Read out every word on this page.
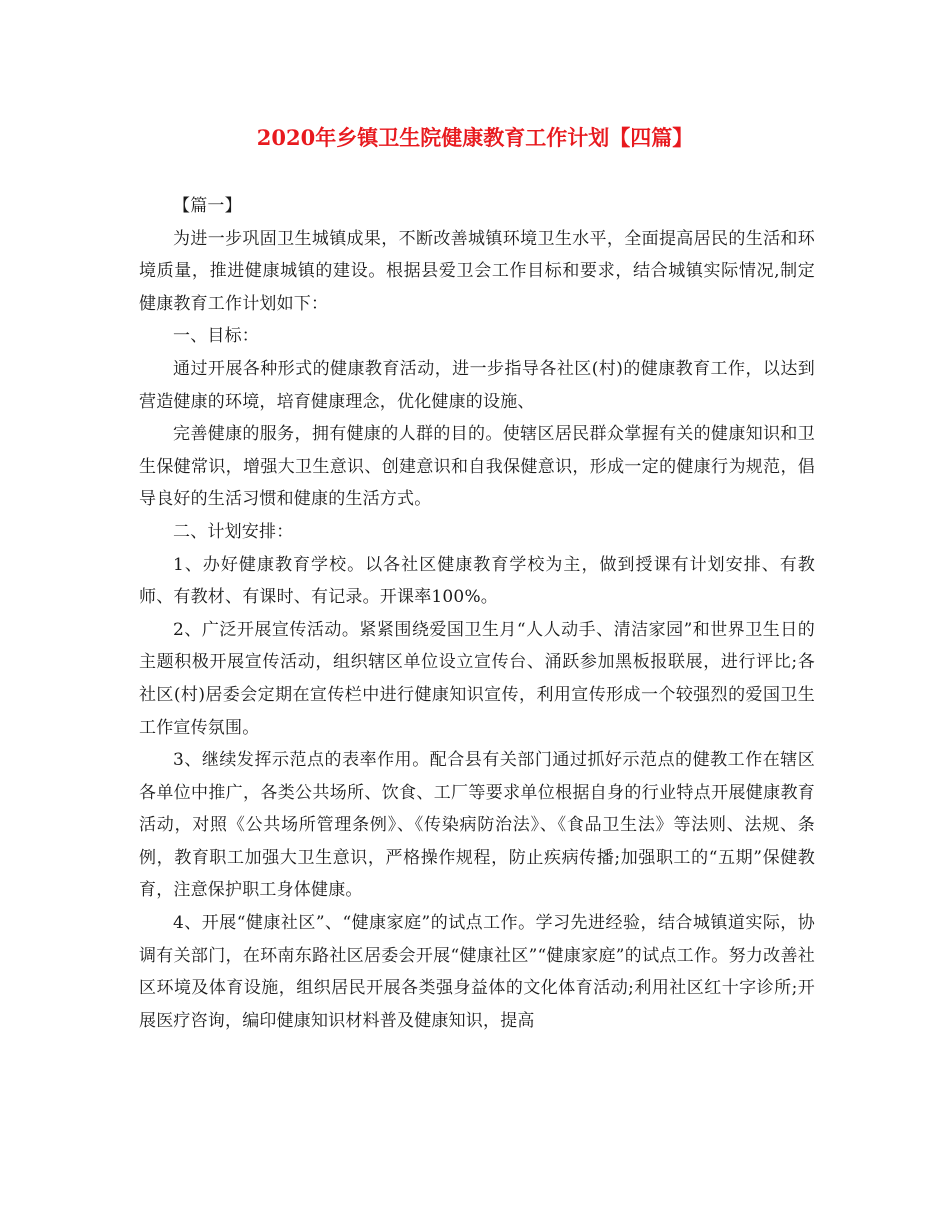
2020年乡镇卫生院健康教育工作计划【四篇】

【篇一】

为进一步巩固卫生城镇成果，不断改善城镇环境卫生水平，全面提高居民的生活和环境质量，推进健康城镇的建设。根据县爱卫会工作目标和要求，结合城镇实际情况,制定健康教育工作计划如下：

一、目标：

通过开展各种形式的健康教育活动，进一步指导各社区(村)的健康教育工作，以达到营造健康的环境，培育健康理念，优化健康的设施、

完善健康的服务，拥有健康的人群的目的。使辖区居民群众掌握有关的健康知识和卫生保健常识，增强大卫生意识、创建意识和自我保健意识，形成一定的健康行为规范，倡导良好的生活习惯和健康的生活方式。

二、计划安排：

1、办好健康教育学校。以各社区健康教育学校为主，做到授课有计划安排、有教师、有教材、有课时、有记录。开课率100%。

2、广泛开展宣传活动。紧紧围绕爱国卫生月“人人动手、清洁家园”和世界卫生日的主题积极开展宣传活动，组织辖区单位设立宣传台、涌跃参加黑板报联展，进行评比;各社区(村)居委会定期在宣传栏中进行健康知识宣传，利用宣传形成一个较强烈的爱国卫生工作宣传氛围。

3、继续发挥示范点的表率作用。配合县有关部门通过抓好示范点的健教工作在辖区各单位中推广，各类公共场所、饮食、工厂等要求单位根据自身的行业特点开展健康教育活动，对照《公共场所管理条例》、《传染病防治法》、《食品卫生法》等法则、法规、条例，教育职工加强大卫生意识，严格操作规程，防止疾病传播;加强职工的“五期”保健教育，注意保护职工身体健康。

4、开展“健康社区”、“健康家庭”的试点工作。学习先进经验，结合城镇道实际，协调有关部门，在环南东路社区居委会开展“健康社区”“健康家庭”的试点工作。努力改善社区环境及体育设施，组织居民开展各类强身益体的文化体育活动;利用社区红十字诊所;开展医疗咨询，编印健康知识材料普及健康知识，提高
